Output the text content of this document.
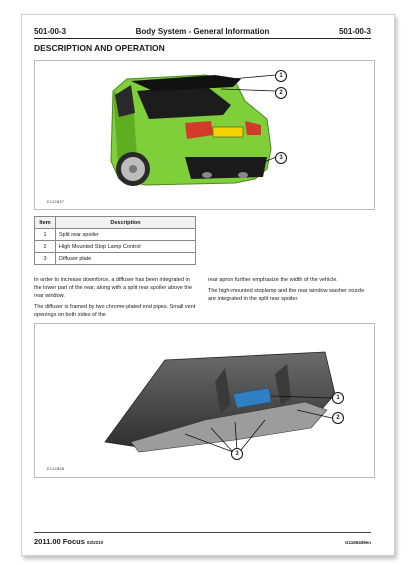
501-00-3	Body System - General Information	501-00-3
DESCRIPTION AND OPERATION
1
2
3
E112837
Item	Description
1	Split rear spoiler
2	High Mounted Stop Lamp Control
3	Diffuser plate

In order to increase downforce, a diffuser has been integrated in the lower part of the rear, along with a split rear spoiler above the rear window.

The diffuser is framed by two chrome-plated end pipes. Small vent openings on both sides of the

rear apron further emphasize the width of the vehicle.

The high-mounted stoplamp and the rear window washer nozzle are integrated in the split rear spoiler.

1
2
3
E112838
2011.00 Focus 03/2010	G1165408en
